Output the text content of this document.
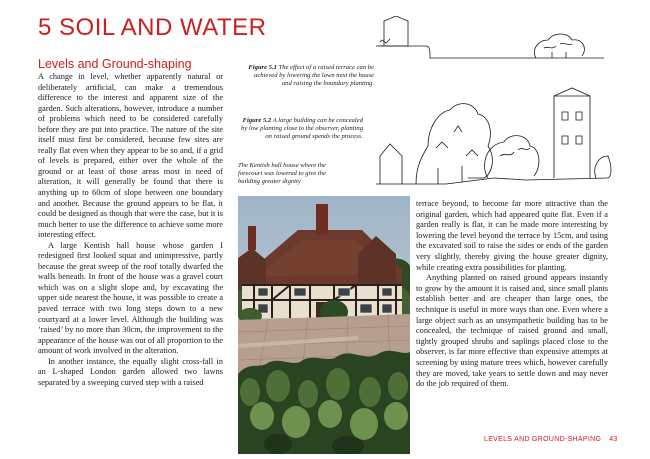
5 SOIL AND WATER
Levels and Ground-shaping

A change in level, whether apparently natural or deliberately artificial, can make a tremendous difference to the interest and apparent size of the garden. Such alterations, however, introduce a number of problems which need to be considered carefully before they are put into practice. The nature of the site itself must first be considered, because few sites are really flat even when they appear to be so and, if a grid of levels is prepared, either over the whole of the ground or at least of those areas most in need of alteration, it will generally be found that there is anything up to 60cm of slope between one boundary and another. Because the ground appears to be flat, it could be designed as though that were the case, but it is much better to use the difference to achieve some more interesting effect.

A large Kentish hall house whose garden I redesigned first looked squat and unimpressive, partly because the great sweep of the roof totally dwarfed the walls beneath. In front of the house was a gravel court which was on a slight slope and, by excavating the upper side nearest the house, it was possible to create a paved terrace with two long steps down to a new courtyard at a lower level. Although the building was ‘raised’ by no more than 30cm, the improvement to the appearance of the house was out of all proportion to the amount of work involved in the alteration.

In another instance, the equally slight cross-fall in an L-shaped London garden allowed two lawns separated by a sweeping curved step with a raised

Figure 5.1 The effect of a raised terrace can be achieved by lowering the lawn next the house and raising the boundary planting.
Figure 5.2 A large building can be concealed by low planting close to the observer, planting on raised ground spends the process.
The Kentish hall house where the forecourt was lowered to give the building greater dignity

terrace beyond, to become far more attractive than the original garden, which had appeared quite flat. Even if a garden really is flat, it can be made more interesting by lowering the level beyond the terrace by 15cm, and using the excavated soil to raise the sides or ends of the garden very slightly, thereby giving the house greater dignity, while creating extra possibilities for planting.

Anything planted on raised ground appears instantly to grow by the amount it is raised and, since small plants establish better and are cheaper than large ones, the technique is useful in more ways than one. Even where a large object such as an unsympathetic building has to be concealed, the technique of raised ground and small, tightly grouped shrubs and saplings placed close to the observer, is far more effective than expensive attempts at screening by using mature trees which, however carefully they are moved, take years to settle down and may never do the job required of them.

LEVELS AND GROUND-SHAPING 43
